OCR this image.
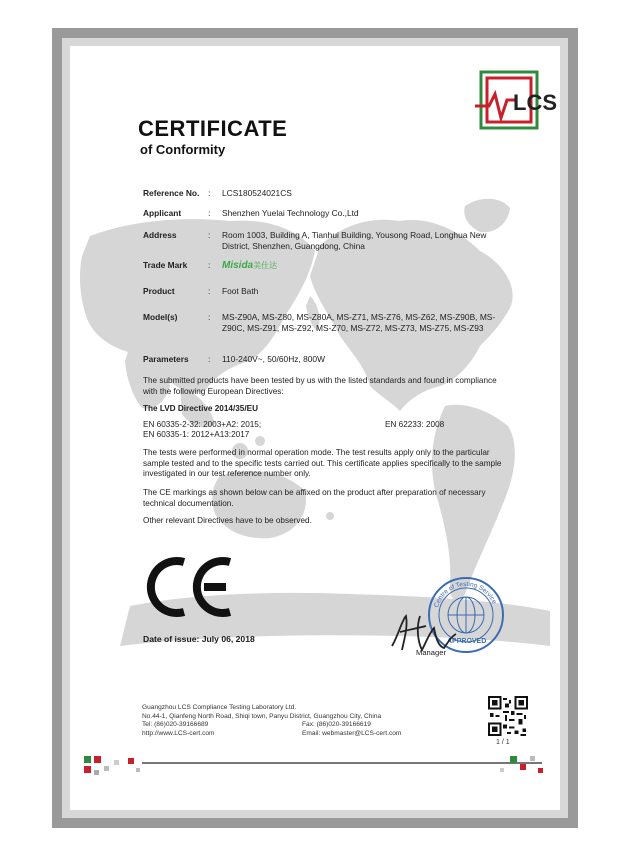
LCS
CERTIFICATE
of Conformity
Reference No. : LCS180524021CS
Applicant	: Shenzhen Yuelai Technology Co.,Ltd
Address	: Room 1003, Building A, Tianhui Building, Yousong Road, Longhua New District, Shenzhen, Guangdong, China
Trade Mark : Misida美仕达
Product	: Foot Bath
Model(s)	: MS-Z90A, MS-Z80, MS-Z80A, MS-Z71, MS-Z76, MS-Z62, MS-Z90B, MS-Z90C, MS-Z91, MS-Z92, MS-Z70, MS-Z72, MS-Z73, MS-Z75, MS-Z93
Parameters : 110-240V~, 50/60Hz, 800W
The submitted products have been tested by us with the listed standards and found in compliance with the following European Directives:
The LVD Directive 2014/35/EU
EN 60335-2-32: 2003+A2: 2015;
EN 60335-1: 2012+A13:2017
EN 62233: 2008
The tests were performed in normal operation mode. The test results apply only to the particular sample tested and to the specific tests carried out. This certificate applies specifically to the sample investigated in our test reference number only.
The CE markings as shown below can be affixed on the product after preparation of necessary technical documentation.
Other relevant Directives have to be observed.
Date of issue: July 06, 2018
Centre of Testing Service
APPROVED
Manager
Guangzhou LCS Compliance Testing Laboratory Ltd.
No.44-1, Qianfeng North Road, Shiqi town, Panyu District, Guangzhou City, China
Tel: (86)020-39166689	Fax: (86)020-39166619
http://www.LCS-cert.com	Email: webmaster@LCS-cert.com
1 / 1
